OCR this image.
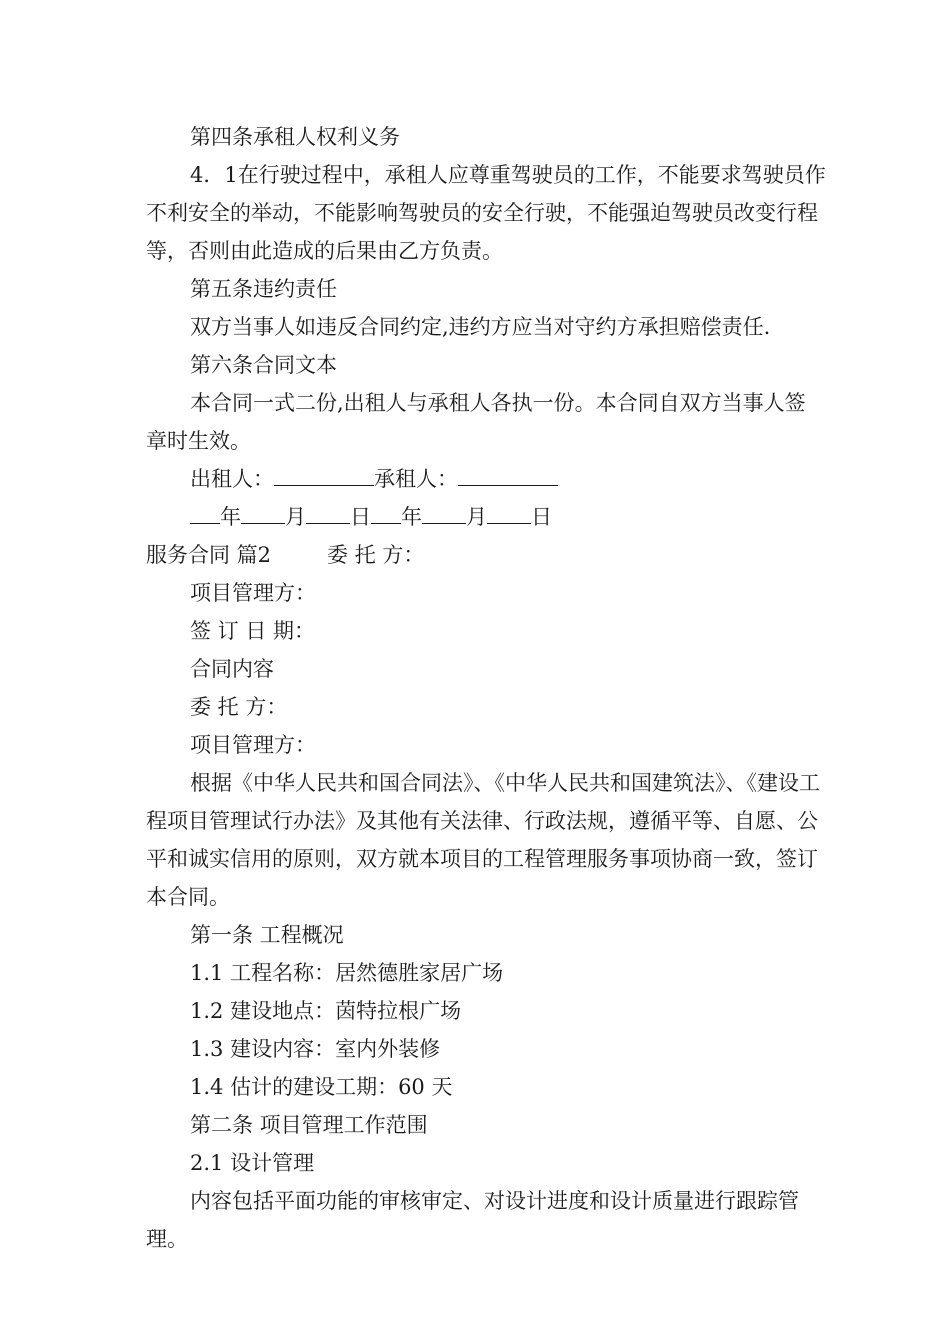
第四条承租人权利义务

4．1在行驶过程中，承租人应尊重驾驶员的工作，不能要求驾驶员作不利安全的举动，不能影响驾驶员的安全行驶，不能强迫驾驶员改变行程等，否则由此造成的后果由乙方负责。

第五条违约责任

双方当事人如违反合同约定,违约方应当对守约方承担赔偿责任.

第六条合同文本

本合同一式二份,出租人与承租人各执一份。本合同自双方当事人签章时生效。

出租人：	承租人：

年 月 日 年 月 日

服务合同 篇2	委 托 方：

项目管理方：

签 订 日 期：

合同内容

委 托 方：

项目管理方：

根据《中华人民共和国合同法》、《中华人民共和国建筑法》、《建设工程项目管理试行办法》及其他有关法律、行政法规，遵循平等、自愿、公平和诚实信用的原则，双方就本项目的工程管理服务事项协商一致，签订本合同。

第一条 工程概况

1.1 工程名称：居然德胜家居广场

1.2 建设地点：茵特拉根广场

1.3 建设内容：室内外装修

1.4 估计的建设工期：60 天

第二条 项目管理工作范围

2.1 设计管理

内容包括平面功能的审核审定、对设计进度和设计质量进行跟踪管理。
